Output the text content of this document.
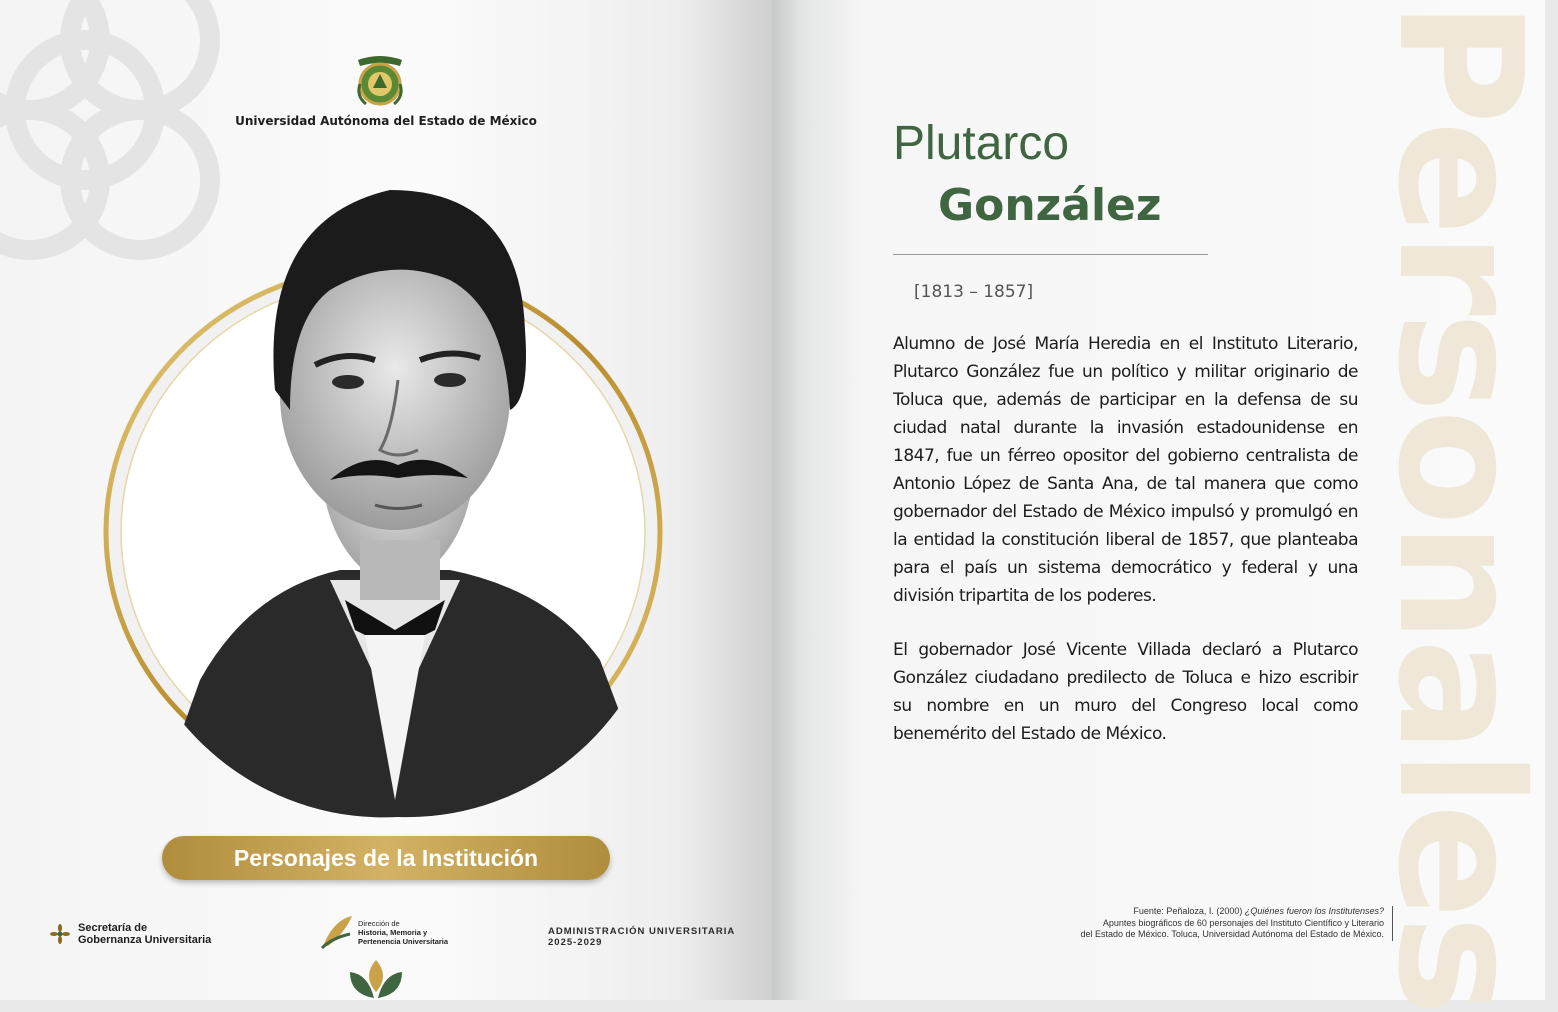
Universidad Autónoma del Estado de México
Personajes de la Institución
Secretaría de
Gobernanza Universitaria
Dirección de
Historia, Memoria y
Pertenencia Universitaria
ADMINISTRACIÓN UNIVERSITARIA
2025-2029	Personales
Plutarco
González
[1813 – 1857]

Alumno de José María Heredia en el Instituto Literario, Plutarco González fue un político y militar originario de Toluca que, además de participar en la defensa de su ciudad natal durante la invasión estadounidense en 1847, fue un férreo opositor del gobierno centralista de Antonio López de Santa Ana, de tal manera que como gobernador del Estado de México impulsó y promulgó en la entidad la constitución liberal de 1857, que planteaba para el país un sistema democrático y federal y una división tripartita de los poderes.

El gobernador José Vicente Villada declaró a Plutarco González ciudadano predilecto de Toluca e hizo escribir su nombre en un muro del Congreso local como benemérito del Estado de México.

Fuente: Peñaloza, I. (2000) ¿Quiénes fueron los Institutenses?
Apuntes biográficos de 60 personajes del Instituto Científico y Literario
del Estado de México. Toluca, Universidad Autónoma del Estado de México.
